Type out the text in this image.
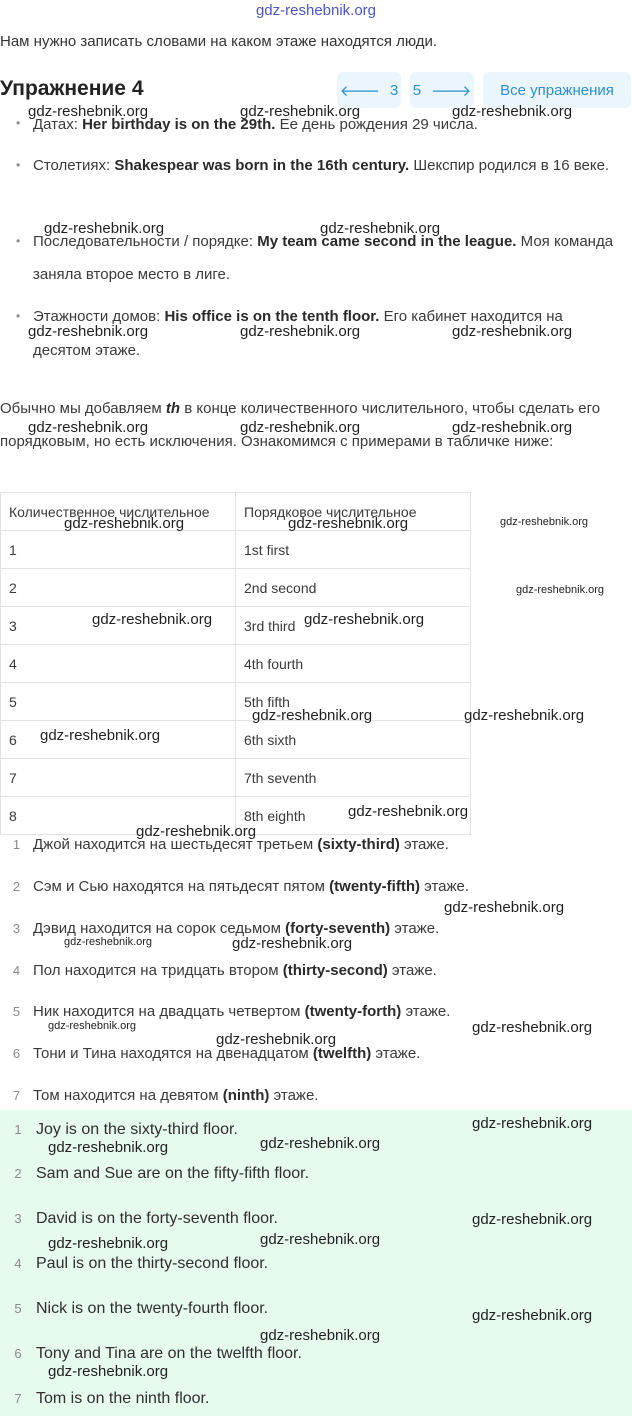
gdz-reshebnik.org
Нам нужно записать словами на каком этаже находятся люди.
Упражнение 4	🡐 3 5 🡒	Все упражнения
• Датах: Her birthday is on the 29th. Ее день рождения 29 числа.
• Столетиях: Shakespear was born in the 16th century. Шекспир родился в 16 веке.
• Последовательности / порядке: My team came second in the league. Моя команда заняла второе место в лиге.
• Этажности домов: His office is on the tenth floor. Его кабинет находится на десятом этаже.
Обычно мы добавляем th в конце количественного числительного, чтобы сделать его порядковым, но есть исключения. Ознакомимся с примерами в табличке ниже:
Количественное числительное	Порядковое числительное
1	1st first
2	2nd second
3	3rd third
4	4th fourth
5	5th fifth
6	6th sixth
7	7th seventh
8	8th eighth
1 Джой находится на шестьдесят третьем (sixty-third) этаже.
2 Сэм и Сью находятся на пятьдесят пятом (twenty-fifth) этаже.
3 Дэвид находится на сорок седьмом (forty-seventh) этаже.
4 Пол находится на тридцать втором (thirty-second) этаже.
5 Ник находится на двадцать четвертом (twenty-forth) этаже.
6 Тони и Тина находятся на двенадцатом (twelfth) этаже.
7 Том находится на девятом (ninth) этаже.
1 Joy is on the sixty-third floor.
2 Sam and Sue are on the fifty-fifth floor.
3 David is on the forty-seventh floor.
4 Paul is on the thirty-second floor.
5 Nick is on the twenty-fourth floor.
6 Tony and Tina are on the twelfth floor.
7 Tom is on the ninth floor.
gdz-reshebnik.org	gdz-reshebnik.org	gdz-reshebnik.org
gdz-reshebnik.org	gdz-reshebnik.org
gdz-reshebnik.org	gdz-reshebnik.org	gdz-reshebnik.org
gdz-reshebnik.org	gdz-reshebnik.org	gdz-reshebnik.org
gdz-reshebnik.org	gdz-reshebnik.org	gdz-reshebnik.org
gdz-reshebnik.org
gdz-reshebnik.org	gdz-reshebnik.org
gdz-reshebnik.org	gdz-reshebnik.org
gdz-reshebnik.org
gdz-reshebnik.org
gdz-reshebnik.org
gdz-reshebnik.org
gdz-reshebnik.org	gdz-reshebnik.org
gdz-reshebnik.org	gdz-reshebnik.org
gdz-reshebnik.org
gdz-reshebnik.org
gdz-reshebnik.org
gdz-reshebnik.org
gdz-reshebnik.org
gdz-reshebnik.org
gdz-reshebnik.org
gdz-reshebnik.org
gdz-reshebnik.org
gdz-reshebnik.org
